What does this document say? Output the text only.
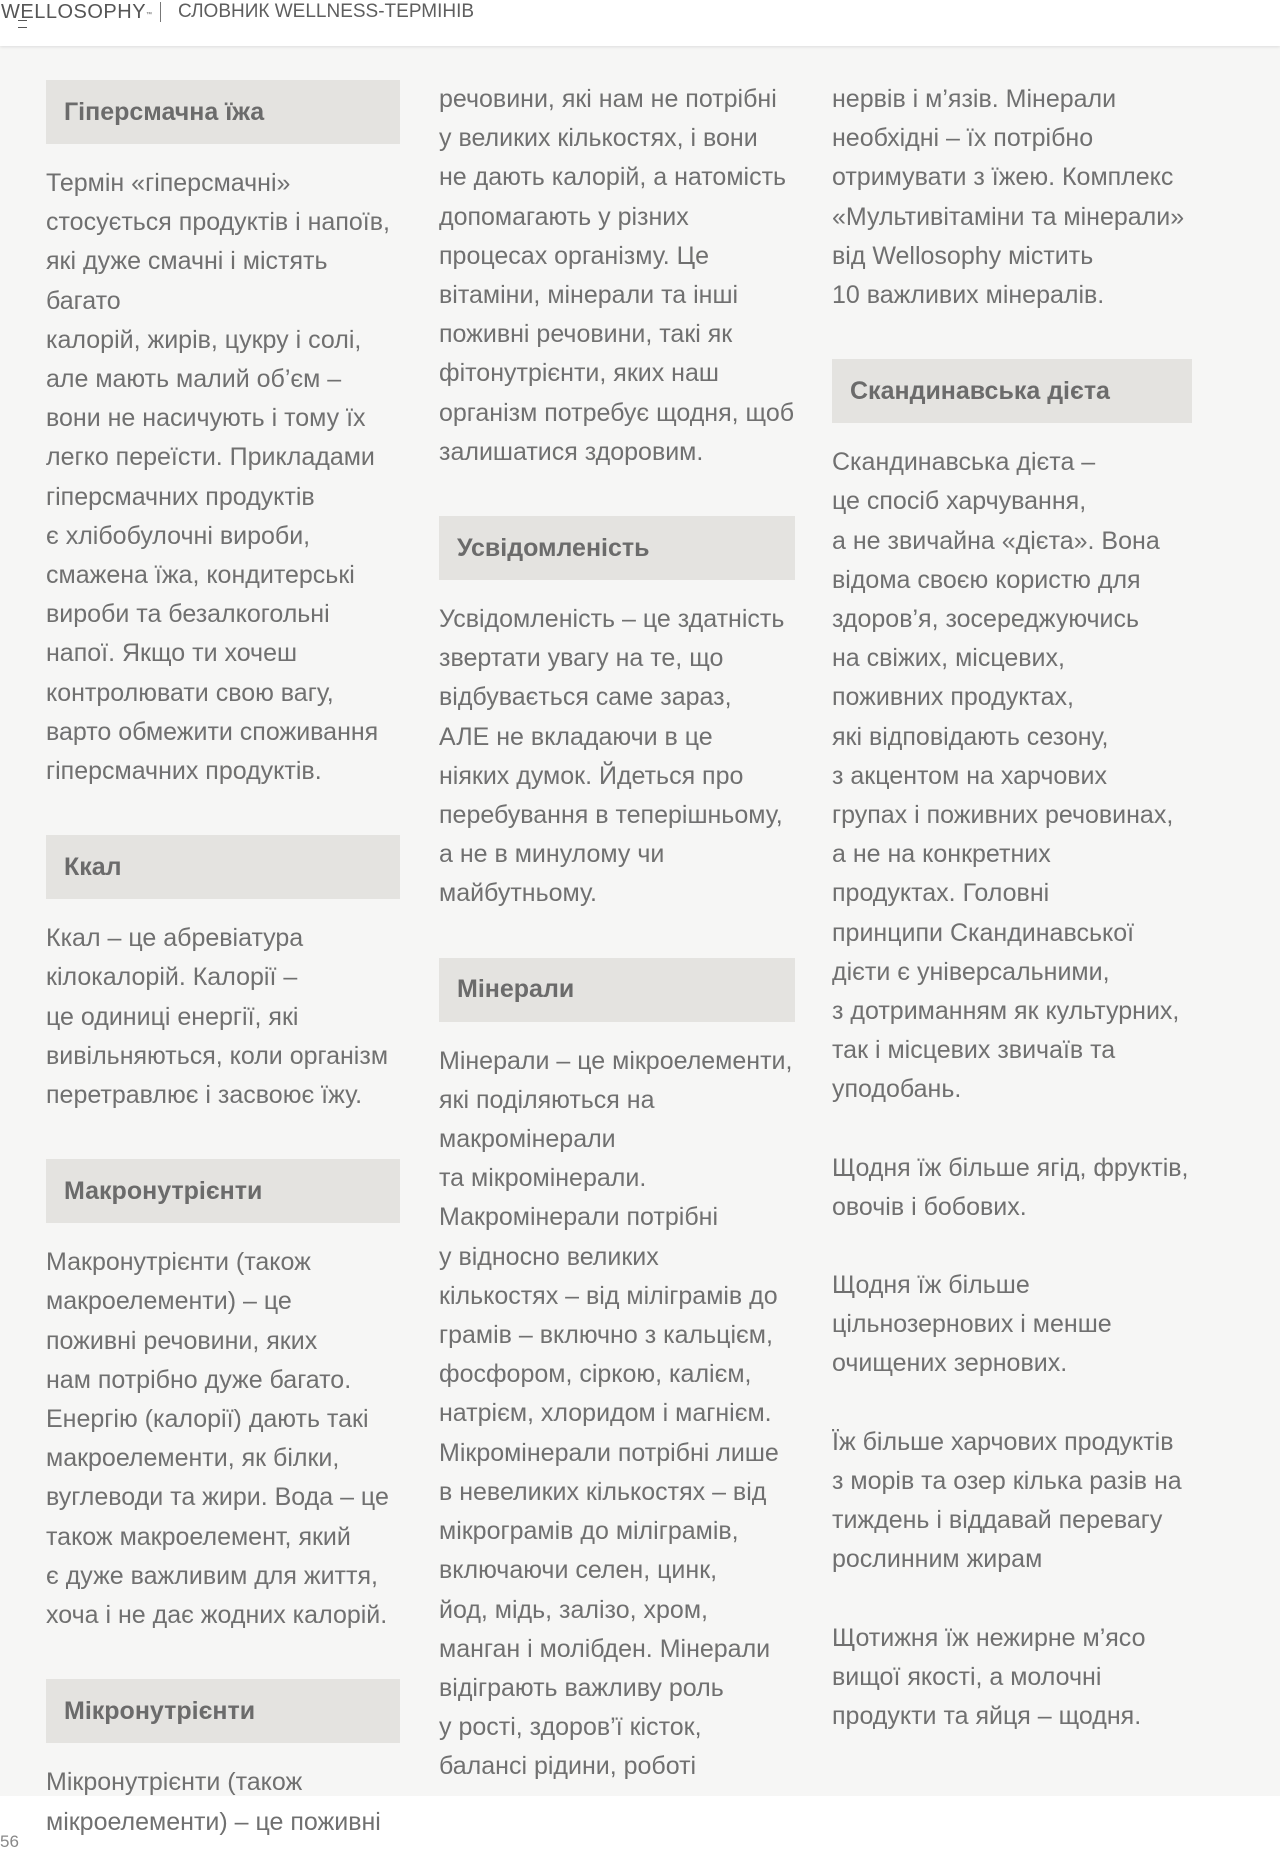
WELLOSOPHY™ СЛОВНИК WELLNESS-ТЕРМІНІВ
Гіперсмачна їжа
Термін «гіперсмачні»
стосується продуктів і напоїв,
які дуже смачні і містять багато
калорій, жирів, цукру і солі,
але мають малий об’єм –
вони не насичують і тому їх
легко переїсти. Прикладами
гіперсмачних продуктів
є хлібобулочні вироби,
смажена їжа, кондитерські
вироби та безалкогольні
напої. Якщо ти хочеш
контролювати свою вагу,
варто обмежити споживання
гіперсмачних продуктів.
Ккал
Ккал – це абревіатура
кілокалорій. Калорії –
це одиниці енергії, які
вивільняються, коли організм
перетравлює і засвоює їжу.
Макронутрієнти
Макронутрієнти (також
макроелементи) – це
поживні речовини, яких
нам потрібно дуже багато.
Енергію (калорії) дають такі
макроелементи, як білки,
вуглеводи та жири. Вода – це
також макроелемент, який
є дуже важливим для життя,
хоча і не дає жодних калорій.
Мікронутрієнти
Мікронутрієнти (також
мікроелементи) – це поживні
речовини, які нам не потрібні
у великих кількостях, і вони
не дають калорій, а натомість
допомагають у різних
процесах організму. Це
вітаміни, мінерали та інші
поживні речовини, такі як
фітонутрієнти, яких наш
організм потребує щодня, щоб
залишатися здоровим.
Усвідомленість
Усвідомленість – це здатність
звертати увагу на те, що
відбувається саме зараз,
АЛЕ не вкладаючи в це
ніяких думок. Йдеться про
перебування в теперішньому,
а не в минулому чи
майбутньому.
Мінерали
Мінерали – це мікроелементи,
які поділяються на
макромінерали
та мікромінерали.
Макромінерали потрібні
у відносно великих
кількостях – від міліграмів до
грамів – включно з кальцієм,
фосфором, сіркою, калієм,
натрієм, хлоридом і магнієм.
Мікромінерали потрібні лише
в невеликих кількостях – від
мікрограмів до міліграмів,
включаючи селен, цинк,
йод, мідь, залізо, хром,
манган і молібден. Мінерали
відіграють важливу роль
у рості, здоров’ї кісток,
балансі рідини, роботі
нервів і м’язів. Мінерали
необхідні – їх потрібно
отримувати з їжею. Комплекс
«Мультивітаміни та мінерали»
від Wellosophy містить
10 важливих мінералів.
Скандинавська дієта
Скандинавська дієта –
це спосіб харчування,
а не звичайна «дієта». Вона
відома своєю користю для
здоров’я, зосереджуючись
на свіжих, місцевих,
поживних продуктах,
які відповідають сезону,
з акцентом на харчових
групах і поживних речовинах,
а не на конкретних
продуктах. Головні
принципи Скандинавської
дієти є універсальними,
з дотриманням як культурних,
так і місцевих звичаїв та
уподобань.
Щодня їж більше ягід, фруктів,
овочів і бобових.
Щодня їж більше
цільнозернових і менше
очищених зернових.
Їж більше харчових продуктів
з морів та озер кілька разів на
тиждень і віддавай перевагу
рослинним жирам
Щотижня їж нежирне м’ясо
вищої якості, а молочні
продукти та яйця – щодня.
56
